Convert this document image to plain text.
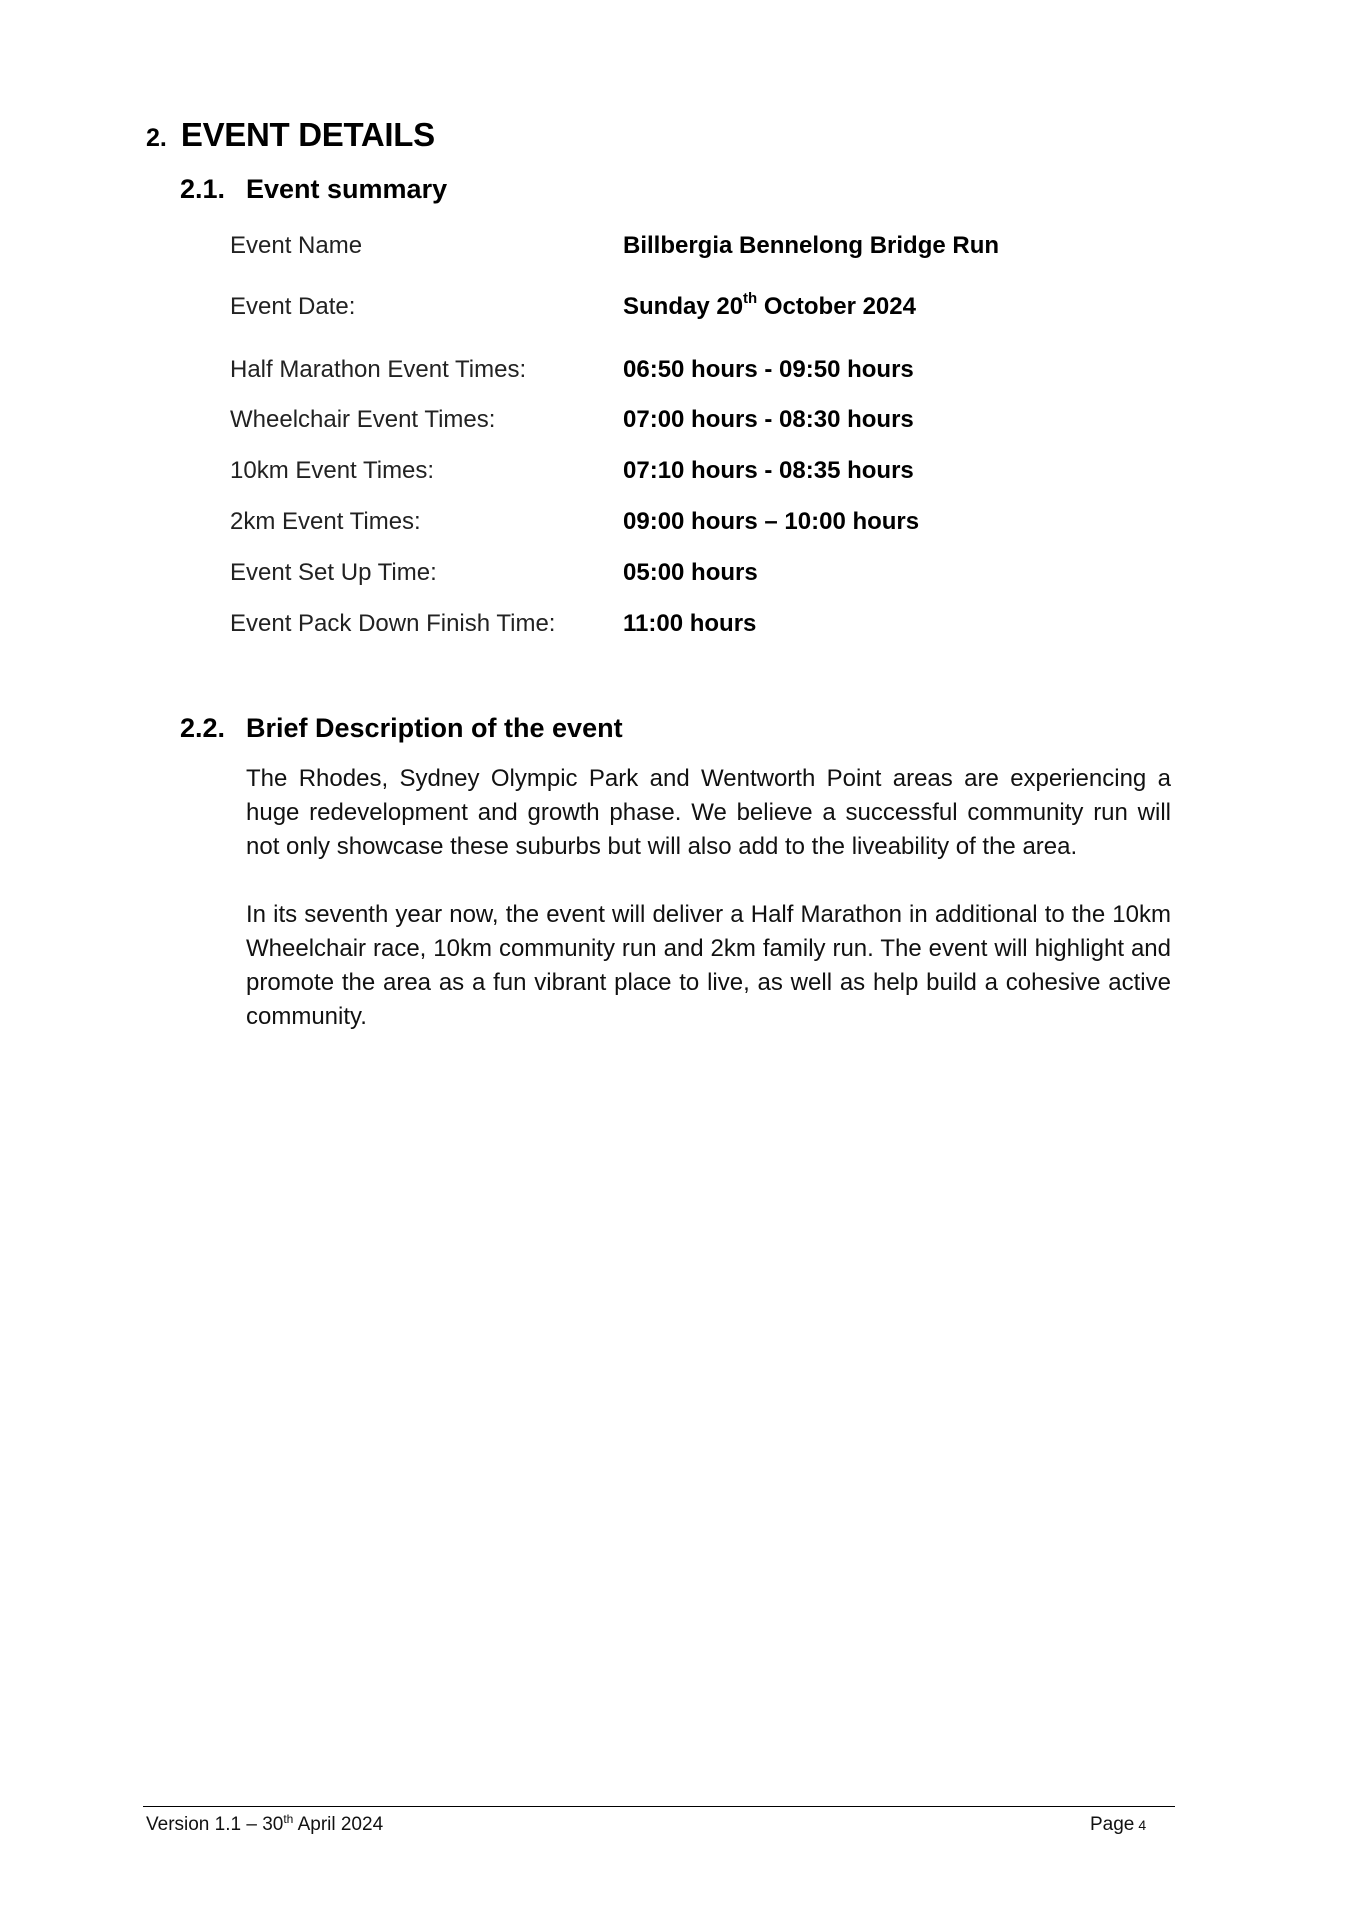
2. EVENT DETAILS
2.1. Event summary
Event Name	Billbergia Bennelong Bridge Run
Event Date:	Sunday 20th October 2024
Half Marathon Event Times:	06:50 hours - 09:50 hours
Wheelchair Event Times:	07:00 hours - 08:30 hours
10km Event Times:	07:10 hours - 08:35 hours
2km Event Times:	09:00 hours – 10:00 hours
Event Set Up Time:	05:00 hours
Event Pack Down Finish Time:	11:00 hours
2.2. Brief Description of the event

The Rhodes, Sydney Olympic Park and Wentworth Point areas are experiencing a huge redevelopment and growth phase. We believe a successful community run will not only showcase these suburbs but will also add to the liveability of the area.

In its seventh year now, the event will deliver a Half Marathon in additional to the 10km Wheelchair race, 10km community run and 2km family run. The event will highlight and promote the area as a fun vibrant place to live, as well as help build a cohesive active community.

Version 1.1 – 30th April 2024	Page 4
